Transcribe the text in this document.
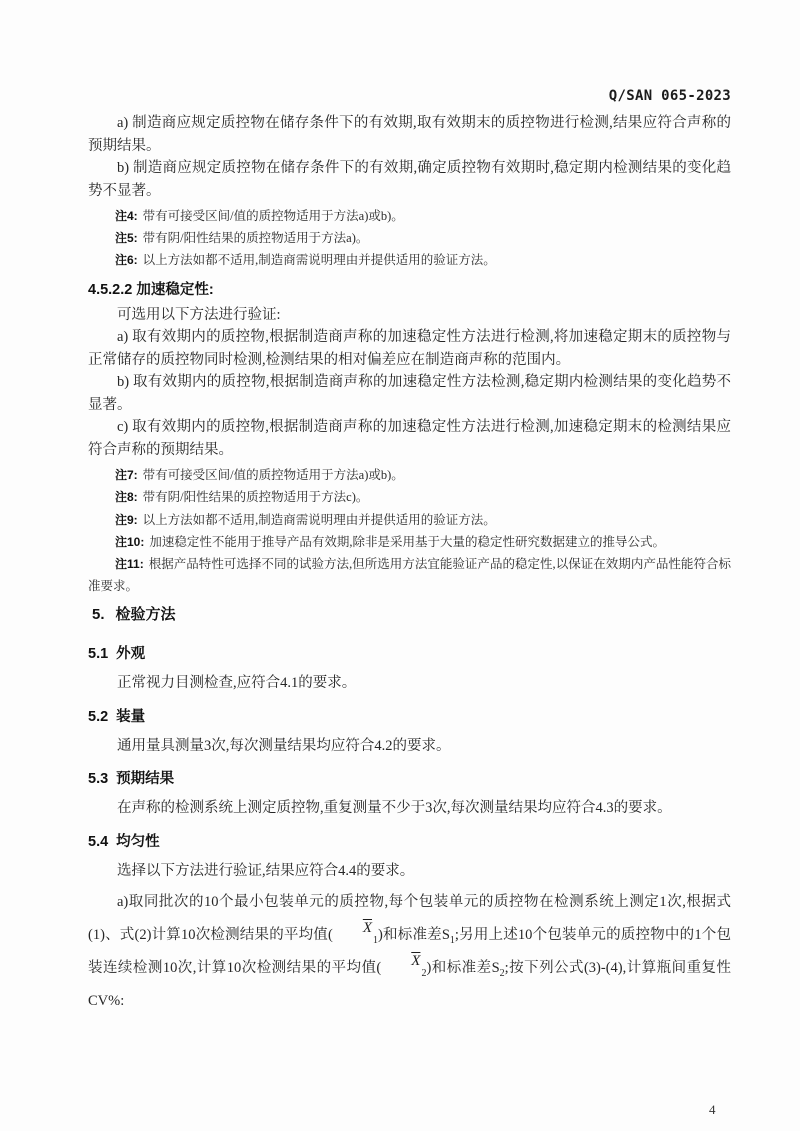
Q/SAN 065-2023

a) 制造商应规定质控物在储存条件下的有效期,取有效期末的质控物进行检测,结果应符合声称的预期结果。

b) 制造商应规定质控物在储存条件下的有效期,确定质控物有效期时,稳定期内检测结果的变化趋势不显著。

注4: 带有可接受区间/值的质控物适用于方法a)或b)。

注5: 带有阴/阳性结果的质控物适用于方法a)。

注6: 以上方法如都不适用,制造商需说明理由并提供适用的验证方法。

4.5.2.2 加速稳定性:

可选用以下方法进行验证:

a) 取有效期内的质控物,根据制造商声称的加速稳定性方法进行检测,将加速稳定期末的质控物与正常储存的质控物同时检测,检测结果的相对偏差应在制造商声称的范围内。

b) 取有效期内的质控物,根据制造商声称的加速稳定性方法检测,稳定期内检测结果的变化趋势不显著。

c) 取有效期内的质控物,根据制造商声称的加速稳定性方法进行检测,加速稳定期末的检测结果应符合声称的预期结果。

注7: 带有可接受区间/值的质控物适用于方法a)或b)。

注8: 带有阴/阳性结果的质控物适用于方法c)。

注9: 以上方法如都不适用,制造商需说明理由并提供适用的验证方法。

注10: 加速稳定性不能用于推导产品有效期,除非是采用基于大量的稳定性研究数据建立的推导公式。

注11: 根据产品特性可选择不同的试验方法,但所选用方法宜能验证产品的稳定性,以保证在效期内产品性能符合标准要求。

5. 检验方法

5.1 外观

正常视力目测检查,应符合4.1的要求。

5.2 装量

通用量具测量3次,每次测量结果均应符合4.2的要求。

5.3 预期结果

在声称的检测系统上测定质控物,重复测量不少于3次,每次测量结果均应符合4.3的要求。

5.4 均匀性

选择以下方法进行验证,结果应符合4.4的要求。

a)取同批次的10个最小包装单元的质控物,每个包装单元的质控物在检测系统上测定1次,根据式(1)、式(2)计算10次检测结果的平均值( $\overline{X}_1$)和标准差$S_1$;另用上述10个包装单元的质控物中的1个包装连续检测10次,计算10次检测结果的平均值( $\overline{X}_2$)和标准差$S_2$;按下列公式(3)-(4),计算瓶间重复性CV%:

4
